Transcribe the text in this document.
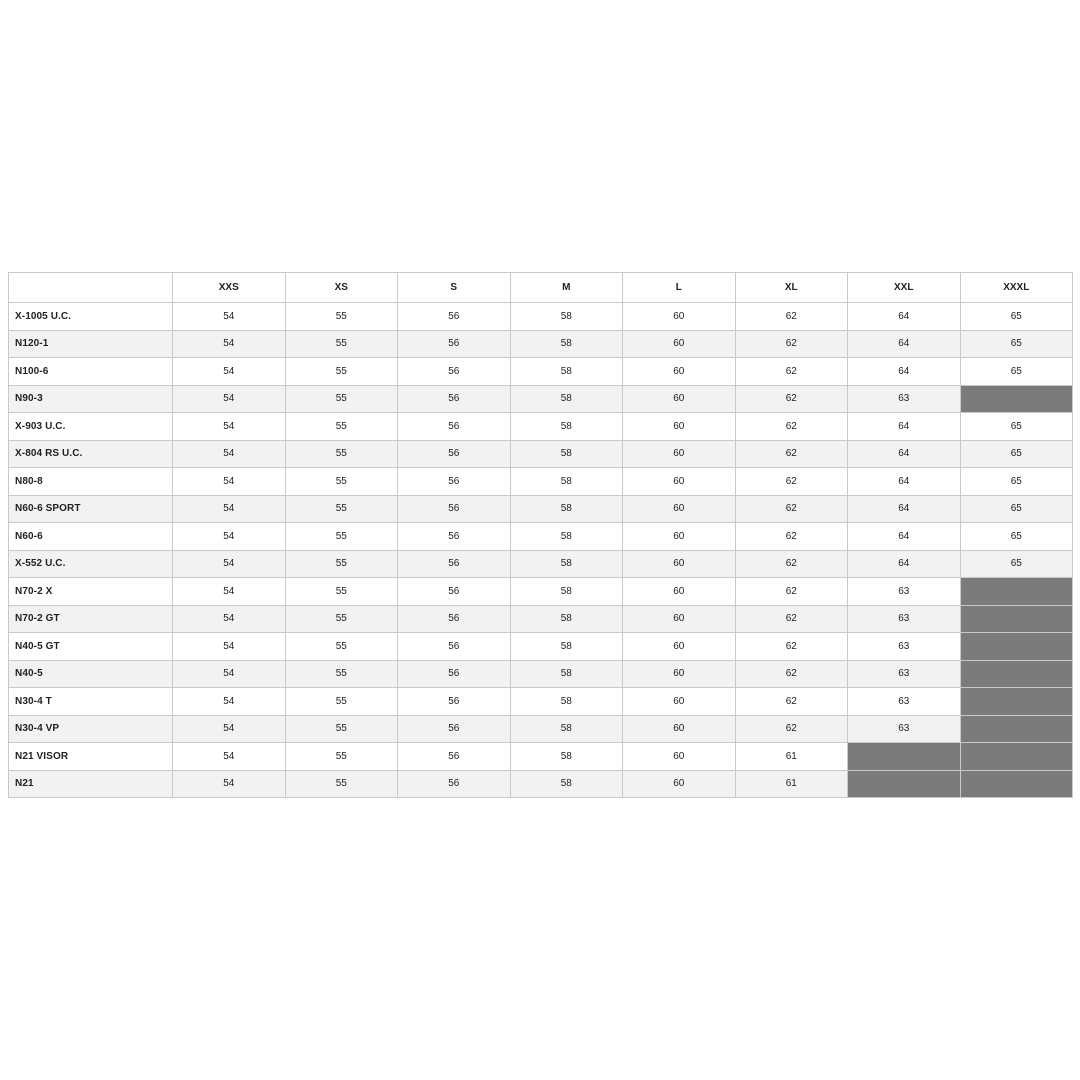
	XXS	XS	S	M	L	XL	XXL	XXXL
X-1005 U.C.	54	55	56	58	60	62	64	65
N120-1	54	55	56	58	60	62	64	65
N100-6	54	55	56	58	60	62	64	65
N90-3	54	55	56	58	60	62	63	
X-903 U.C.	54	55	56	58	60	62	64	65
X-804 RS U.C.	54	55	56	58	60	62	64	65
N80-8	54	55	56	58	60	62	64	65
N60-6 SPORT	54	55	56	58	60	62	64	65
N60-6	54	55	56	58	60	62	64	65
X-552 U.C.	54	55	56	58	60	62	64	65
N70-2 X	54	55	56	58	60	62	63	
N70-2 GT	54	55	56	58	60	62	63	
N40-5 GT	54	55	56	58	60	62	63	
N40-5	54	55	56	58	60	62	63	
N30-4 T	54	55	56	58	60	62	63	
N30-4 VP	54	55	56	58	60	62	63	
N21 VISOR	54	55	56	58	60	61		
N21	54	55	56	58	60	61		
